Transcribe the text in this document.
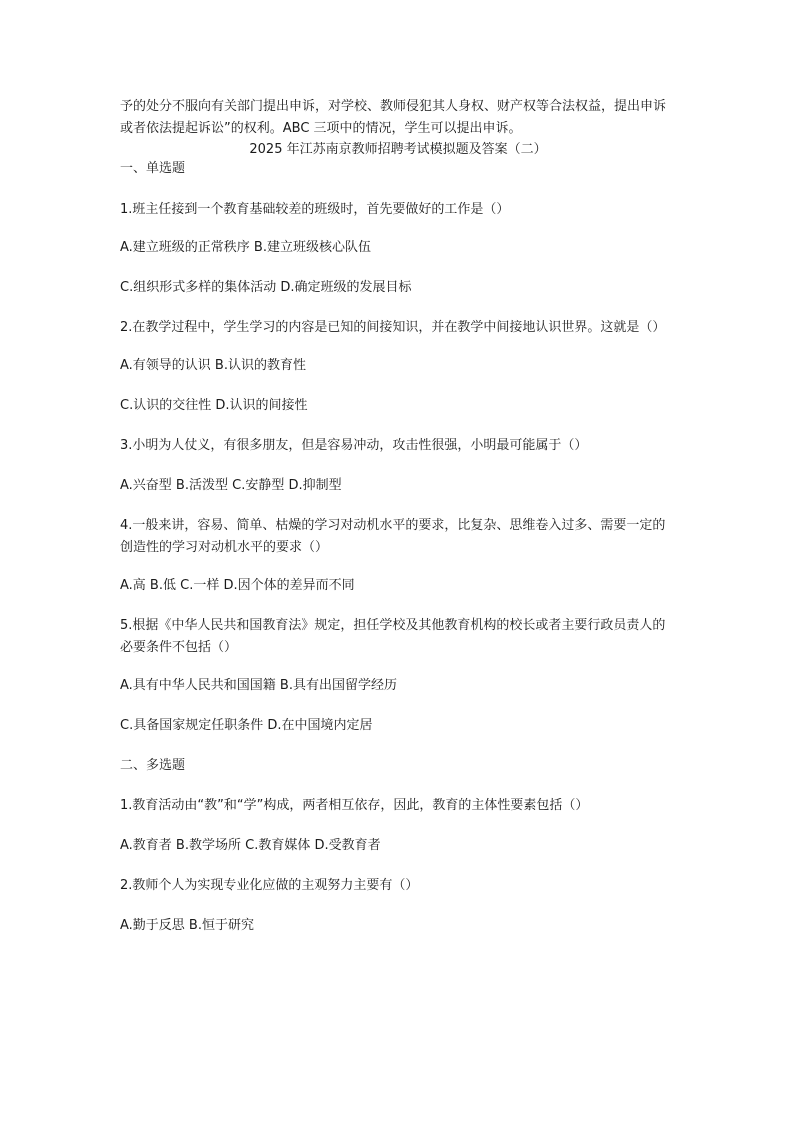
予的处分不服向有关部门提出申诉，对学校、教师侵犯其人身权、财产权等合法权益，提出申诉或者依法提起诉讼”的权利。ABC 三项中的情况，学生可以提出申诉。
2025 年江苏南京教师招聘考试模拟题及答案（二）
一、单选题
1.班主任接到一个教育基础较差的班级时，首先要做好的工作是（）
A.建立班级的正常秩序 B.建立班级核心队伍
C.组织形式多样的集体活动 D.确定班级的发展目标
2.在教学过程中，学生学习的内容是已知的间接知识，并在教学中间接地认识世界。这就是（）
A.有领导的认识 B.认识的教育性
C.认识的交往性 D.认识的间接性
3.小明为人仗义，有很多朋友，但是容易冲动，攻击性很强，小明最可能属于（）
A.兴奋型 B.活泼型 C.安静型 D.抑制型
4.一般来讲，容易、简单、枯燥的学习对动机水平的要求，比复杂、思维卷入过多、需要一定的创造性的学习对动机水平的要求（）
A.高 B.低 C.一样 D.因个体的差异而不同
5.根据《中华人民共和国教育法》规定，担任学校及其他教育机构的校长或者主要行政员责人的必要条件不包括（）
A.具有中华人民共和国国籍 B.具有出国留学经历
C.具备国家规定任职条件 D.在中国境内定居
二、多选题
1.教育活动由“教”和“学”构成，两者相互依存，因此，教育的主体性要素包括（）
A.教育者 B.教学场所 C.教育媒体 D.受教育者
2.教师个人为实现专业化应做的主观努力主要有（）
A.勤于反思 B.恒于研究
